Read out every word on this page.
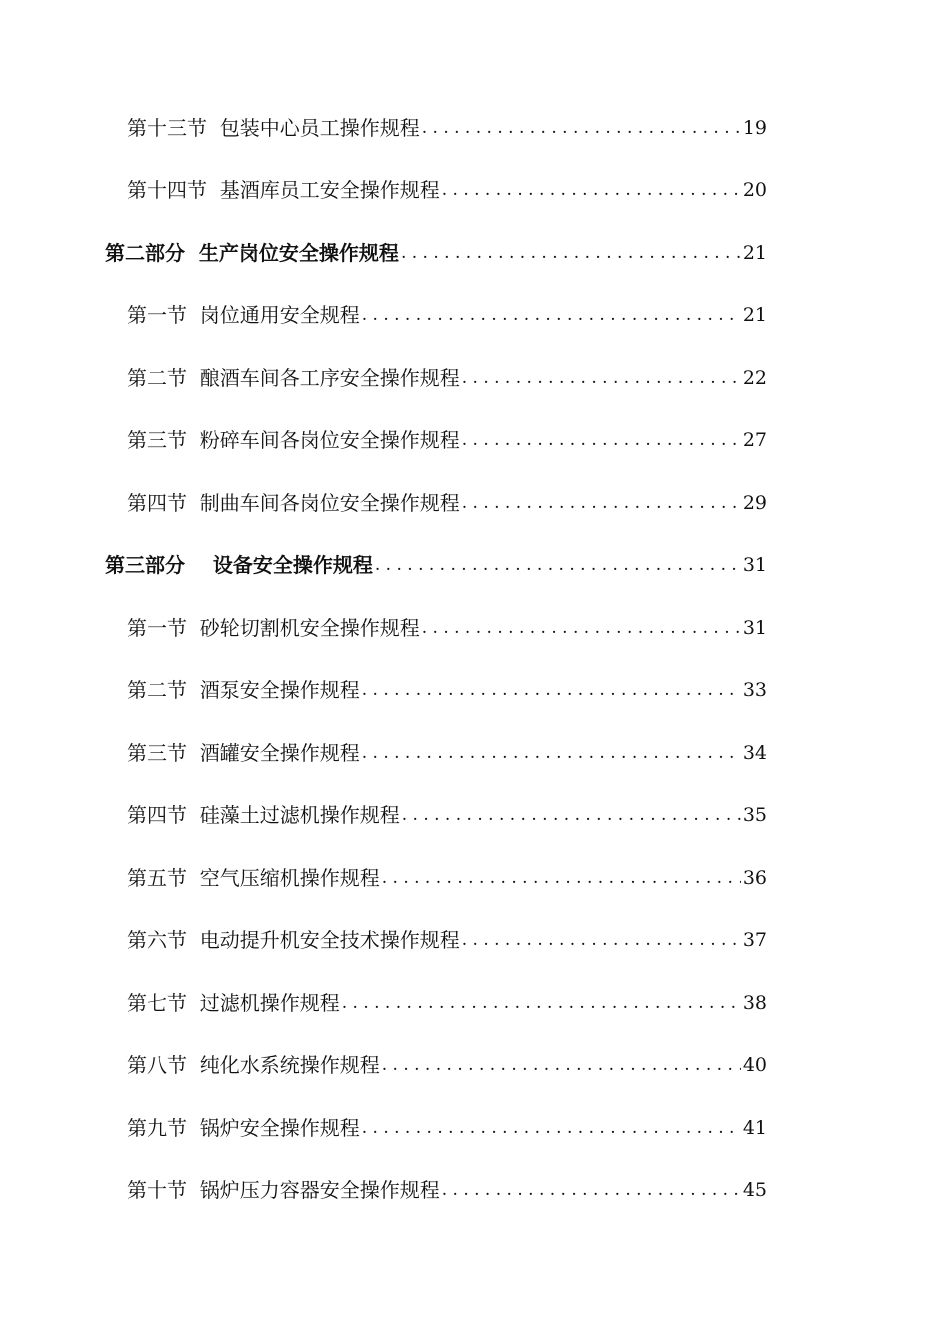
第十三节  包装中心员工操作规程 .....	19
第十四节  基酒库员工安全操作规程 .....	20
第二部分  生产岗位安全操作规程 .....	21
第一节  岗位通用安全规程 .....	21
第二节  酿酒车间各工序安全操作规程 .....	22
第三节  粉碎车间各岗位安全操作规程 .....	27
第四节  制曲车间各岗位安全操作规程 .....	29
第三部分    设备安全操作规程 .....	31
第一节  砂轮切割机安全操作规程 .....	31
第二节  酒泵安全操作规程 .....	33
第三节  酒罐安全操作规程 .....	34
第四节  硅藻土过滤机操作规程 .....	35
第五节  空气压缩机操作规程 .....	36
第六节  电动提升机安全技术操作规程 .....	37
第七节  过滤机操作规程 .....	38
第八节  纯化水系统操作规程 .....	40
第九节  锅炉安全操作规程 .....	41
第十节  锅炉压力容器安全操作规程 .....	45
